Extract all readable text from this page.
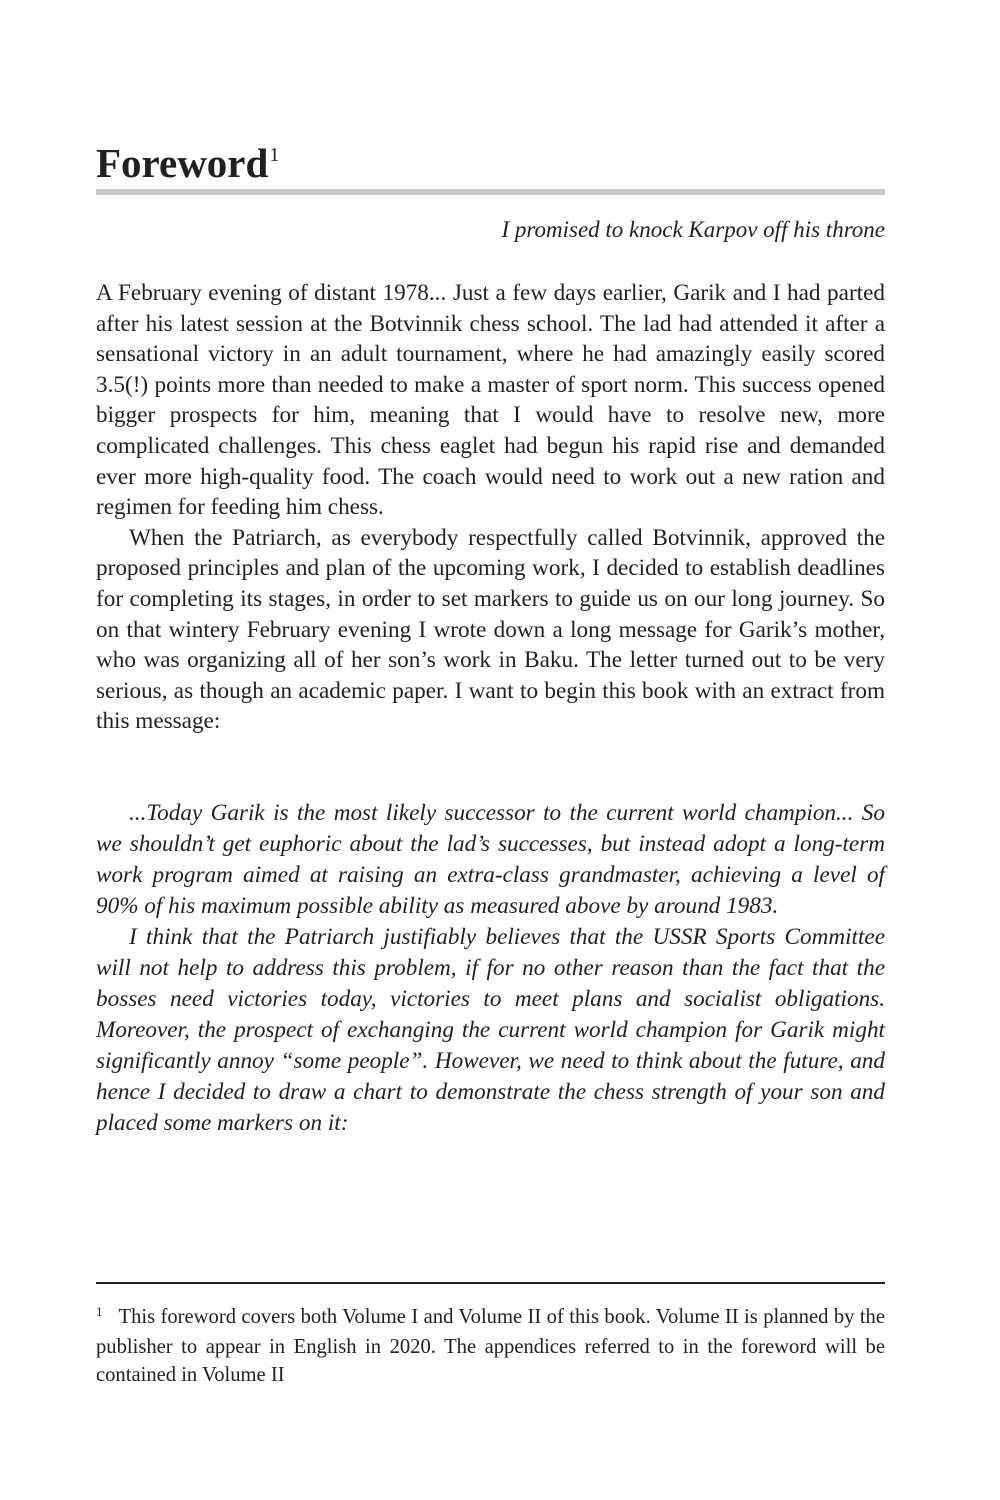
Foreword$^1$

I promised to knock Karpov off his throne

A February evening of distant 1978... Just a few days earlier, Garik and I had parted after his latest session at the Botvinnik chess school. The lad had attended it after a sensational victory in an adult tournament, where he had amazingly easily scored 3.5(!) points more than needed to make a master of sport norm. This success opened bigger prospects for him, meaning that I would have to resolve new, more complicated challenges. This chess eaglet had begun his rapid rise and demanded ever more high-quality food. The coach would need to work out a new ration and regimen for feeding him chess.

When the Patriarch, as everybody respectfully called Botvinnik, approved the proposed principles and plan of the upcoming work, I decided to establish deadlines for completing its stages, in order to set markers to guide us on our long journey. So on that wintery February evening I wrote down a long message for Garik’s mother, who was organizing all of her son’s work in Baku. The letter turned out to be very serious, as though an academic paper. I want to begin this book with an extract from this message:

...Today Garik is the most likely successor to the current world champion... So we shouldn’t get euphoric about the lad’s successes, but instead adopt a long-term work program aimed at raising an extra-class grandmaster, achieving a level of 90% of his maximum possible ability as measured above by around 1983.

I think that the Patriarch justifiably believes that the USSR Sports Committee will not help to address this problem, if for no other reason than the fact that the bosses need victories today, victories to meet plans and socialist obligations. Moreover, the prospect of exchanging the current world champion for Garik might significantly annoy “some people”. However, we need to think about the future, and hence I decided to draw a chart to demonstrate the chess strength of your son and placed some markers on it:

$^1$ This foreword covers both Volume I and Volume II of this book. Volume II is planned by the publisher to appear in English in 2020. The appendices referred to in the foreword will be contained in Volume II
